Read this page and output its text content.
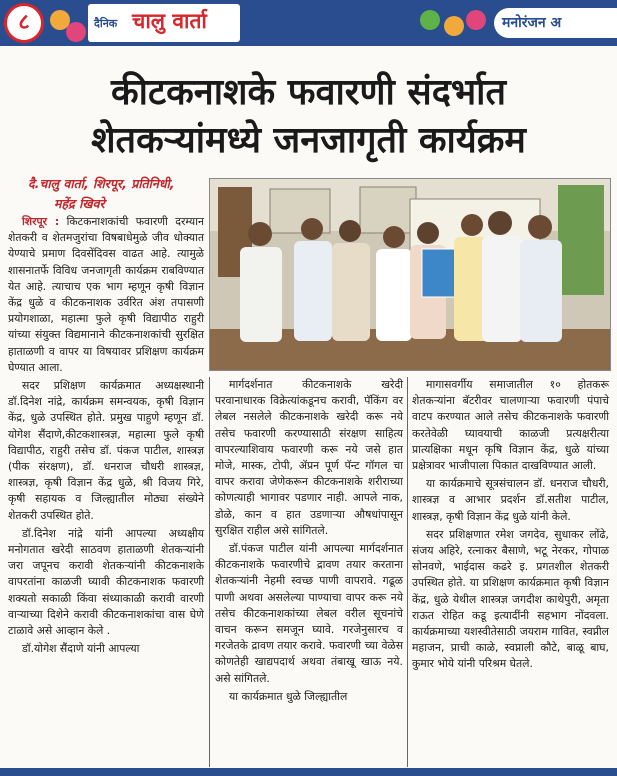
८	दैनिक चालु वार्ता	मनोरंजन अ
कीटकनाशके फवारणी संदर्भात
शेतकऱ्यांमध्ये जनजागृती कार्यक्रम
दै.चालु वार्ता, शिरपूर, प्रतिनिधी,
महेंद्र खिवरे

शिरपूर : किटकनाशकांची फवारणी दरम्यान शेतकरी व शेतमजुरांचा विषबाधेमुळे जीव धोक्यात येण्याचे प्रमाण दिवसेंदिवस वाढत आहे. त्यामुळे शासनातर्फे विविध जनजागृती कार्यक्रम राबविण्यात येत आहे. त्याचाच एक भाग म्हणून कृषी विज्ञान केंद्र धुळे व कीटकनाशक उर्वरित अंश तपासणी प्रयोगशाळा, महात्मा फुले कृषी विद्यापीठ राहुरी यांच्या संयुक्त विद्यमानाने कीटकनाशकांची सुरक्षित हाताळणी व वापर या विषयावर प्रशिक्षण कार्यक्रम घेण्यात आला.

सदर प्रशिक्षण कार्यक्रमात अध्यक्षस्थानी डॉ.दिनेश नांद्रे, कार्यक्रम समन्वयक, कृषी विज्ञान केंद्र, धुळे उपस्थित होते. प्रमुख पाहुणे म्हणून डॉ. योगेश सैंदाणे,कीटकशास्त्रज्ञ, महात्मा फुले कृषी विद्यापीठ, राहुरी तसेच डॉ. पंकज पाटील, शास्त्रज्ञ (पीक संरक्षण), डॉ. धनराज चौधरी शास्त्रज्ञ, शास्त्रज्ञ, कृषी विज्ञान केंद्र धुळे, श्री विजय गिरे, कृषी सहायक व जिल्ह्यातील मोठ्या संख्येने शेतकरी उपस्थित होते.

डॉ.दिनेश नांद्रे यांनी आपल्या अध्यक्षीय मनोगतात खरेदी साठवण हाताळणी शेतकऱ्यांनी जरा जपूनच करावी शेतकऱ्यांनी कीटकनाशके वापरतांना काळजी घ्यावी कीटकनाशक फवारणी शक्यतो सकाळी किंवा संध्याकाळी करावी वारणी वाऱ्याच्या दिशेने करावी कीटकनाशकांचा वास घेणे टाळावे असे आव्हान केले .

डॉ.योगेश सैंदाणे यांनी आपल्या

मार्गदर्शनात कीटकनाशके खरेदी परवानाधारक विक्रेत्यांकडूनच करावी, पॅकिंग वर लेबल नसलेले कीटकनाशके खरेदी करू नये तसेच फवारणी करण्यासाठी संरक्षण साहित्य वापरल्याशिवाय फवारणी करू नये जसे हात मोजे, मास्क, टोपी, ॲप्रन पूर्ण पॅन्ट गॉगल चा वापर करावा जेणेकरून कीटकनाशके शरीराच्या कोणत्याही भागावर पडणार नाही. आपले नाक, डोळे, कान व हात उडणाऱ्या औषधांपासून सुरक्षित राहील असे सांगितले.

डॉ.पंकज पाटील यांनी आपल्या मार्गदर्शनात कीटकनाशके फवारणीचे द्रावण तयार करताना शेतकऱ्यांनी नेहमी स्वच्छ पाणी वापरावे. गढूळ पाणी अथवा असलेल्या पाण्याचा वापर करू नये तसेच कीटकनाशकांच्या लेबल वरील सूचनांचे वाचन करून समजून घ्यावे. गरजेनुसारच व गरजेतके द्रावण तयार करावे. फवारणी च्या वेळेस कोणतेही खाद्यपदार्थ अथवा तंबाखू खाऊ नये. असे सांगितले.

या कार्यक्रमात धुळे जिल्ह्यातील

मागासवर्गीय समाजातील १० होतकरू शेतकऱ्यांना बॅटरीवर चालणाऱ्या फवारणी पंपाचे वाटप करण्यात आले तसेच कीटकनाशके फवारणी करतेवेळी घ्यावयाची काळजी प्रत्यक्षरीत्या प्रात्यक्षिका मधून कृषि विज्ञान केंद्र, धुळे यांच्या प्रक्षेत्रावर भाजीपाला पिकात दाखविण्यात आली.

या कार्यक्रमाचे सूत्रसंचालन डॉ. धनराज चौधरी, शास्त्रज्ञ व आभार प्रदर्शन डॉ.सतीश पाटील, शास्त्रज्ञ, कृषी विज्ञान केंद्र धुळे यांनी केले.

सदर प्रशिक्षणात रमेश जगदेव, सुधाकर लोंढे, संजय अहिरे, रत्नाकर बैसाणे, भटू नेरकर, गोपाळ सोनवणे, भाईदास कढरे इ. प्रगतशील शेतकरी उपस्थित होते. या प्रशिक्षण कार्यक्रमात कृषी विज्ञान केंद्र, धुळे येथील शास्त्रज्ञ जगदीश काथेपुरी, अमृता राऊत रोहित कडू इत्यादींनी सहभाग नोंदवला. कार्यक्रमाच्या यशस्वीतेसाठी जयराम गावित, स्वप्नील महाजन, प्राची काळे, स्वप्नाली कौटे, बाळू बाघ, कुमार भोये यांनी परिश्रम घेतले.
